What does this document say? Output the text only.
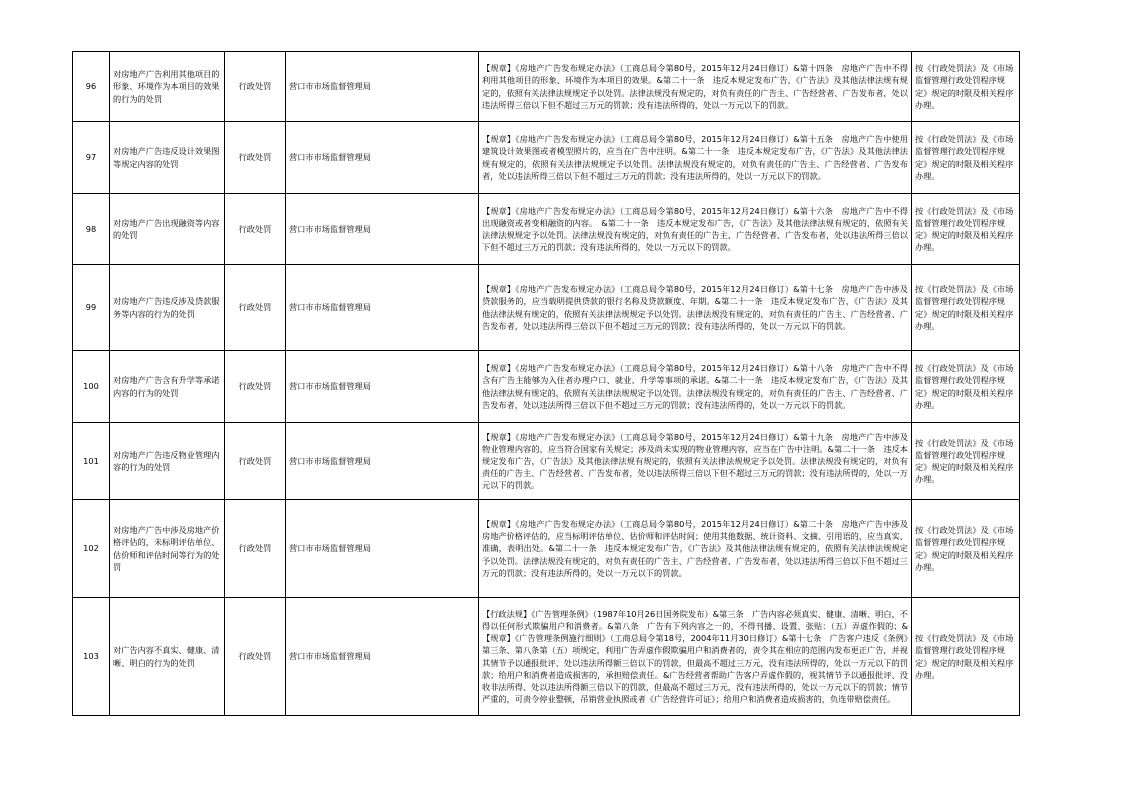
96	对房地产广告利用其他项目的形象、环境作为本项目的效果的行为的处罚	行政处罚	营口市市场监督管理局	【规章】《房地产广告发布规定办法》（工商总局令第80号，2015年12月24日修订）&第十四条　房地产广告中不得利用其他项目的形象、环境作为本项目的效果。&第二十一条　违反本规定发布广告，《广告法》及其他法律法规有规定的，依照有关法律法规规定予以处罚。法律法规没有规定的，对负有责任的广告主、广告经营者、广告发布者，处以违法所得三倍以下但不超过三万元的罚款；没有违法所得的，处以一万元以下的罚款。	按《行政处罚法》及《市场监督管理行政处罚程序规定》规定的时限及相关程序办理。
97	对房地产广告违反设计效果图等规定内容的处罚	行政处罚	营口市市场监督管理局	【规章】《房地产广告发布规定办法》（工商总局令第80号，2015年12月24日修订）&第十五条　房地产广告中使用建筑设计效果图或者模型照片的，应当在广告中注明。&第二十一条　违反本规定发布广告，《广告法》及其他法律法规有规定的，依照有关法律法规规定予以处罚。法律法规没有规定的，对负有责任的广告主、广告经营者、广告发布者，处以违法所得三倍以下但不超过三万元的罚款；没有违法所得的，处以一万元以下的罚款。	按《行政处罚法》及《市场监督管理行政处罚程序规定》规定的时限及相关程序办理。
98	对房地产广告出现融资等内容的处罚	行政处罚	营口市市场监督管理局	【规章】《房地产广告发布规定办法》（工商总局令第80号，2015年12月24日修订）&第十六条　房地产广告中不得出现融资或者变相融资的内容。　&第二十一条　违反本规定发布广告，《广告法》及其他法律法规有规定的，依照有关法律法规规定予以处罚。法律法规没有规定的，对负有责任的广告主、广告经营者、广告发布者，处以违法所得三倍以下但不超过三万元的罚款；没有违法所得的，处以一万元以下的罚款。	按《行政处罚法》及《市场监督管理行政处罚程序规定》规定的时限及相关程序办理。
99	对房地产广告违反涉及贷款服务等内容的行为的处罚	行政处罚	营口市市场监督管理局	【规章】《房地产广告发布规定办法》（工商总局令第80号，2015年12月24日修订）&第十七条　房地产广告中涉及贷款服务的，应当载明提供贷款的银行名称及贷款额度、年期。&第二十一条　违反本规定发布广告，《广告法》及其他法律法规有规定的，依照有关法律法规规定予以处罚。法律法规没有规定的，对负有责任的广告主、广告经营者、广告发布者，处以违法所得三倍以下但不超过三万元的罚款；没有违法所得的，处以一万元以下的罚款。	按《行政处罚法》及《市场监督管理行政处罚程序规定》规定的时限及相关程序办理。
100	对房地产广告含有升学等承诺内容的行为的处罚	行政处罚	营口市市场监督管理局	【规章】《房地产广告发布规定办法》（工商总局令第80号，2015年12月24日修订）&第十八条　房地产广告中不得含有广告主能够为入住者办理户口、就业、升学等事项的承诺。&第二十一条　违反本规定发布广告，《广告法》及其他法律法规有规定的，依照有关法律法规规定予以处罚。法律法规没有规定的，对负有责任的广告主、广告经营者、广告发布者，处以违法所得三倍以下但不超过三万元的罚款；没有违法所得的，处以一万元以下的罚款。	按《行政处罚法》及《市场监督管理行政处罚程序规定》规定的时限及相关程序办理。
101	对房地产广告违反物业管理内容的行为的处罚	行政处罚	营口市市场监督管理局	【规章】《房地产广告发布规定办法》（工商总局令第80号，2015年12月24日修订）&第十九条　房地产广告中涉及物业管理内容的，应当符合国家有关规定；涉及尚未实现的物业管理内容，应当在广告中注明。&第二十一条　违反本规定发布广告，《广告法》及其他法律法规有规定的，依照有关法律法规规定予以处罚。法律法规没有规定的，对负有责任的广告主、广告经营者、广告发布者，处以违法所得三倍以下但不超过三万元的罚款；没有违法所得的，处以一万元以下的罚款。	按《行政处罚法》及《市场监督管理行政处罚程序规定》规定的时限及相关程序办理。
102	对房地产广告中涉及房地产价格评估的，未标明评估单位、估价师和评估时间等行为的处罚	行政处罚	营口市市场监督管理局	【规章】《房地产广告发布规定办法》（工商总局令第80号，2015年12月24日修订）&第二十条　房地产广告中涉及房地产价格评估的，应当标明评估单位、估价师和评估时间；使用其他数据、统计资料、文摘、引用语的，应当真实、准确，表明出处。&第二十一条　违反本规定发布广告，《广告法》及其他法律法规有规定的，依照有关法律法规规定予以处罚。法律法规没有规定的，对负有责任的广告主、广告经营者、广告发布者，处以违法所得三倍以下但不超过三万元的罚款；没有违法所得的，处以一万元以下的罚款。	按《行政处罚法》及《市场监督管理行政处罚程序规定》规定的时限及相关程序办理。
103	对广告内容不真实、健康、清晰、明白的行为的处罚	行政处罚	营口市市场监督管理局	【行政法规】《广告管理条例》（1987年10月26日国务院发布）&第三条　广告内容必须真实、健康、清晰、明白，不得以任何形式欺骗用户和消费者。&第八条　广告有下列内容之一的，不得刊播、设置、张贴：（五）弄虚作假的；&【规章】《广告管理条例施行细则》（工商总局令第18号，2004年11月30日修订）&第十七条　广告客户违反《条例》第三条、第八条第（五）项规定，利用广告弄虚作假欺骗用户和消费者的，责令其在相应的范围内发布更正广告，并视其情节予以通报批评、处以违法所得额三倍以下的罚款，但最高不超过三万元，没有违法所得的，处以一万元以下的罚款；给用户和消费者造成损害的，承担赔偿责任。&广告经营者帮助广告客户弄虚作假的，视其情节予以通报批评、没收非法所得、处以违法所得额三倍以下的罚款，但最高不超过三万元，没有违法所得的，处以一万元以下的罚款；情节严重的，可责令停业整顿，吊销营业执照或者《广告经营许可证》；给用户和消费者造成损害的，负连带赔偿责任。	按《行政处罚法》及《市场监督管理行政处罚程序规定》规定的时限及相关程序办理。
